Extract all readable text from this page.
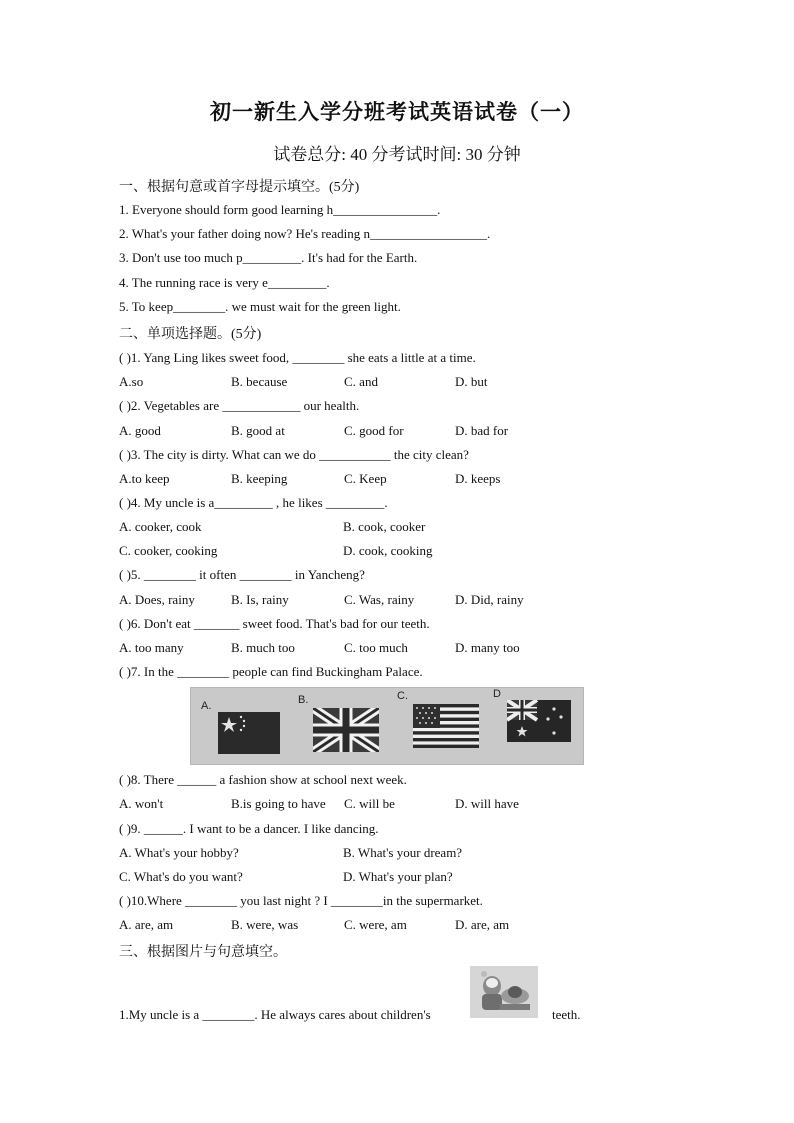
初一新生入学分班考试英语试卷（一）
试卷总分: 40 分考试时间: 30 分钟
一、根据句意或首字母提示填空。(5分)
1. Everyone should form good learning h________________.
2. What's your father doing now? He's reading n__________________.
3. Don't use too much p_________. It's had for the Earth.
4. The running race is very e_________.
5. To keep________. we must wait for the green light.
二、单项选择题。(5分)
( )1. Yang Ling likes sweet food, ________ she eats a little at a time.
A.so	B. because	C. and	D. but
( )2. Vegetables are ____________ our health.
A. good	B. good at	C. good for	D. bad for
( )3. The city is dirty. What can we do ___________ the city clean?
A.to keep	B. keeping	C. Keep	D. keeps
( )4. My uncle is a_________ , he likes _________.
A. cooker, cook	B. cook, cooker
C. cooker, cooking	D. cook, cooking
( )5. ________ it often ________ in Yancheng?
A. Does, rainy	B. Is, rainy	C. Was, rainy	D. Did, rainy
( )6. Don't eat _______ sweet food. That's bad for our teeth.
A. too many	B. much too	C. too much	D. many too
( )7. In the ________ people can find Buckingham Palace.
A.	B.	C.	D
( )8. There ______ a fashion show at school next week.
A. won't	B.is going to have C. will be	D. will have
( )9. ______. I want to be a dancer. I like dancing.
A. What's your hobby?	B. What's your dream?
C. What's do you want?	D. What's your plan?
( )10.Where ________ you last night ? I ________in the supermarket.
A. are, am	B. were, was	C. were, am	D. are, am
三、根据图片与句意填空。
1.My uncle is a ________. He always cares about children's	teeth.
